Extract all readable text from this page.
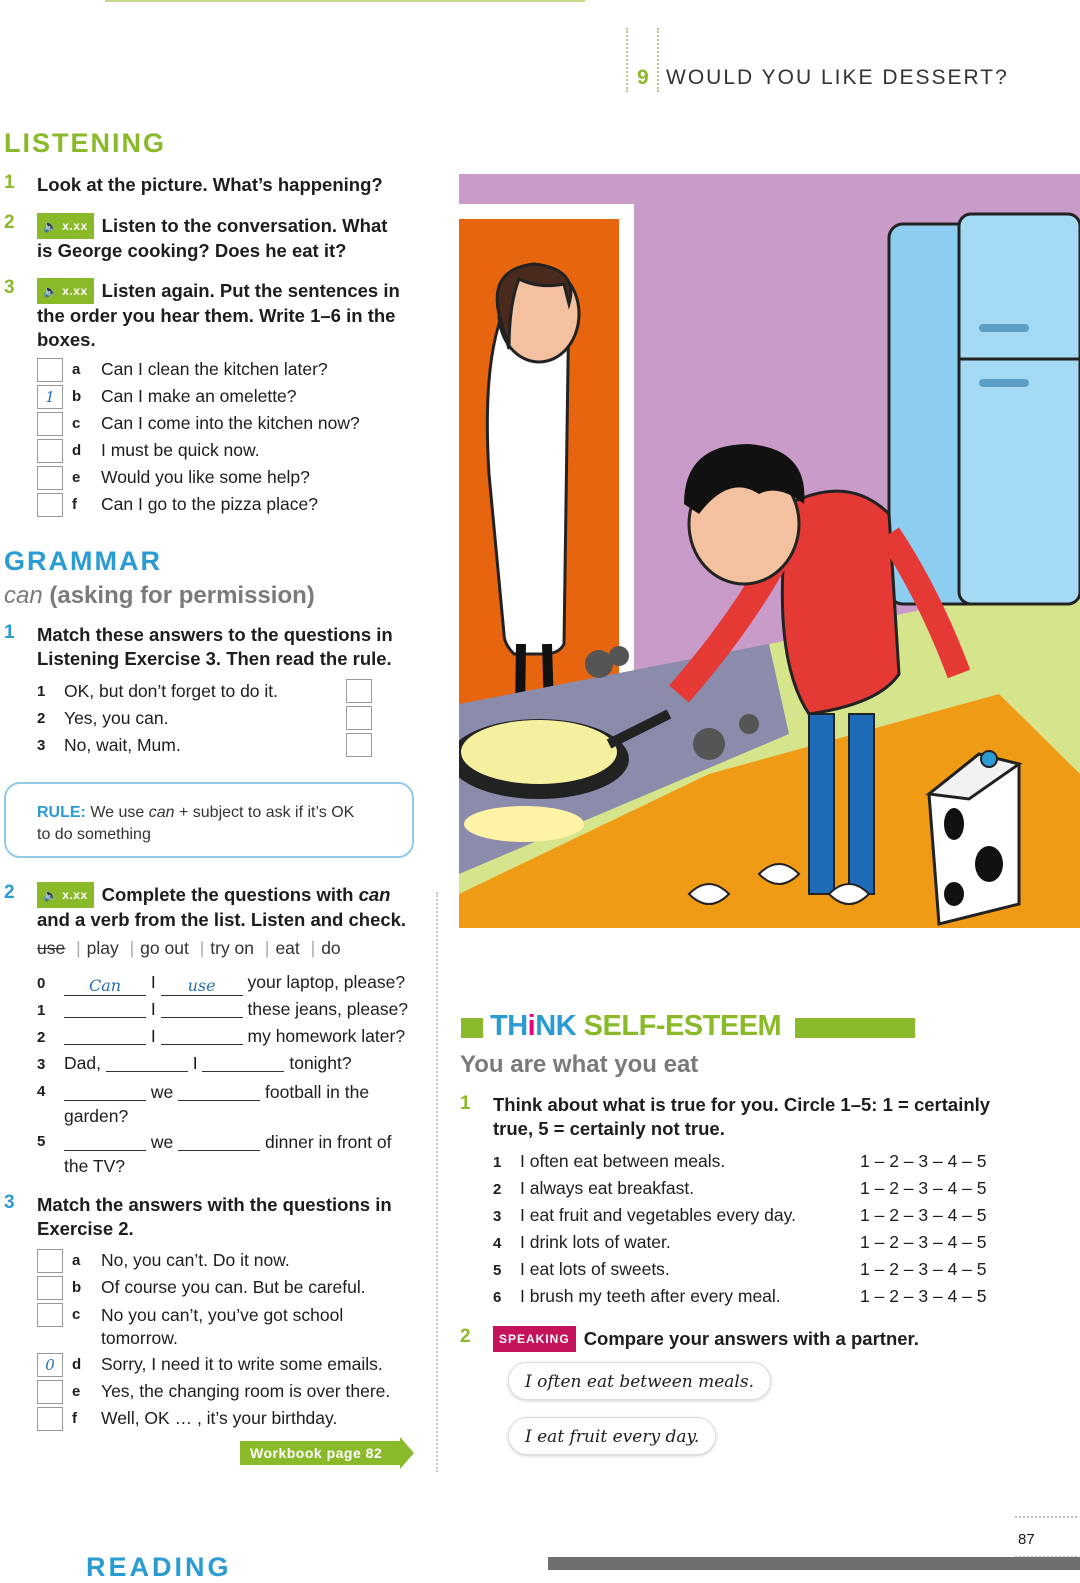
9 WOULD YOU LIKE DESSERT?
LISTENING
1 Look at the picture. What’s happening?
2	🔈 x.xx Listen to the conversation. What
is George cooking? Does he eat it?
3	🔈 x.xx Listen again. Put the sentences in
the order you hear them. Write 1–6 in the
boxes.
a Can I clean the kitchen later?
1	b Can I make an omelette?
c Can I come into the kitchen now?
d I must be quick now.
e Would you like some help?
f Can I go to the pizza place?
GRAMMAR
can (asking for permission)
1 Match these answers to the questions in
Listening Exercise 3. Then read the rule.
1 OK, but don’t forget to do it.
2 Yes, you can.
3 No, wait, Mum.
RULE: We use can + subject to ask if it’s OK
to do something
2	🔈 x.xx Complete the questions with can
and a verb from the list. Listen and check.
use | play | go out | try on | eat | do
0	Can I use your laptop, please?
1	I	these jeans, please?
2	I	my homework later?
3 Dad,	I	tonight?
4	we	football in the
garden?
5	we	dinner in front of
the TV?
3 Match the answers with the questions in
Exercise 2.
a No, you can’t. Do it now.
b Of course you can. But be careful.
c No you can’t, you’ve got school
tomorrow.
0	d Sorry, I need it to write some emails.
e Yes, the changing room is over there.
f Well, OK … , it’s your birthday.
Workbook page 82
THiNK SELF-ESTEEM
You are what you eat
1 Think about what is true for you. Circle 1–5: 1 = certainly
true, 5 = certainly not true.
1 I often eat between meals.	1 – 2 – 3 – 4 – 5
2 I always eat breakfast.	1 – 2 – 3 – 4 – 5
3 I eat fruit and vegetables every day.	1 – 2 – 3 – 4 – 5
4 I drink lots of water.	1 – 2 – 3 – 4 – 5
5 I eat lots of sweets.	1 – 2 – 3 – 4 – 5
6 I brush my teeth after every meal.	1 – 2 – 3 – 4 – 5
2	SPEAKING Compare your answers with a partner.
I often eat between meals.
I eat fruit every day.
87
READING
